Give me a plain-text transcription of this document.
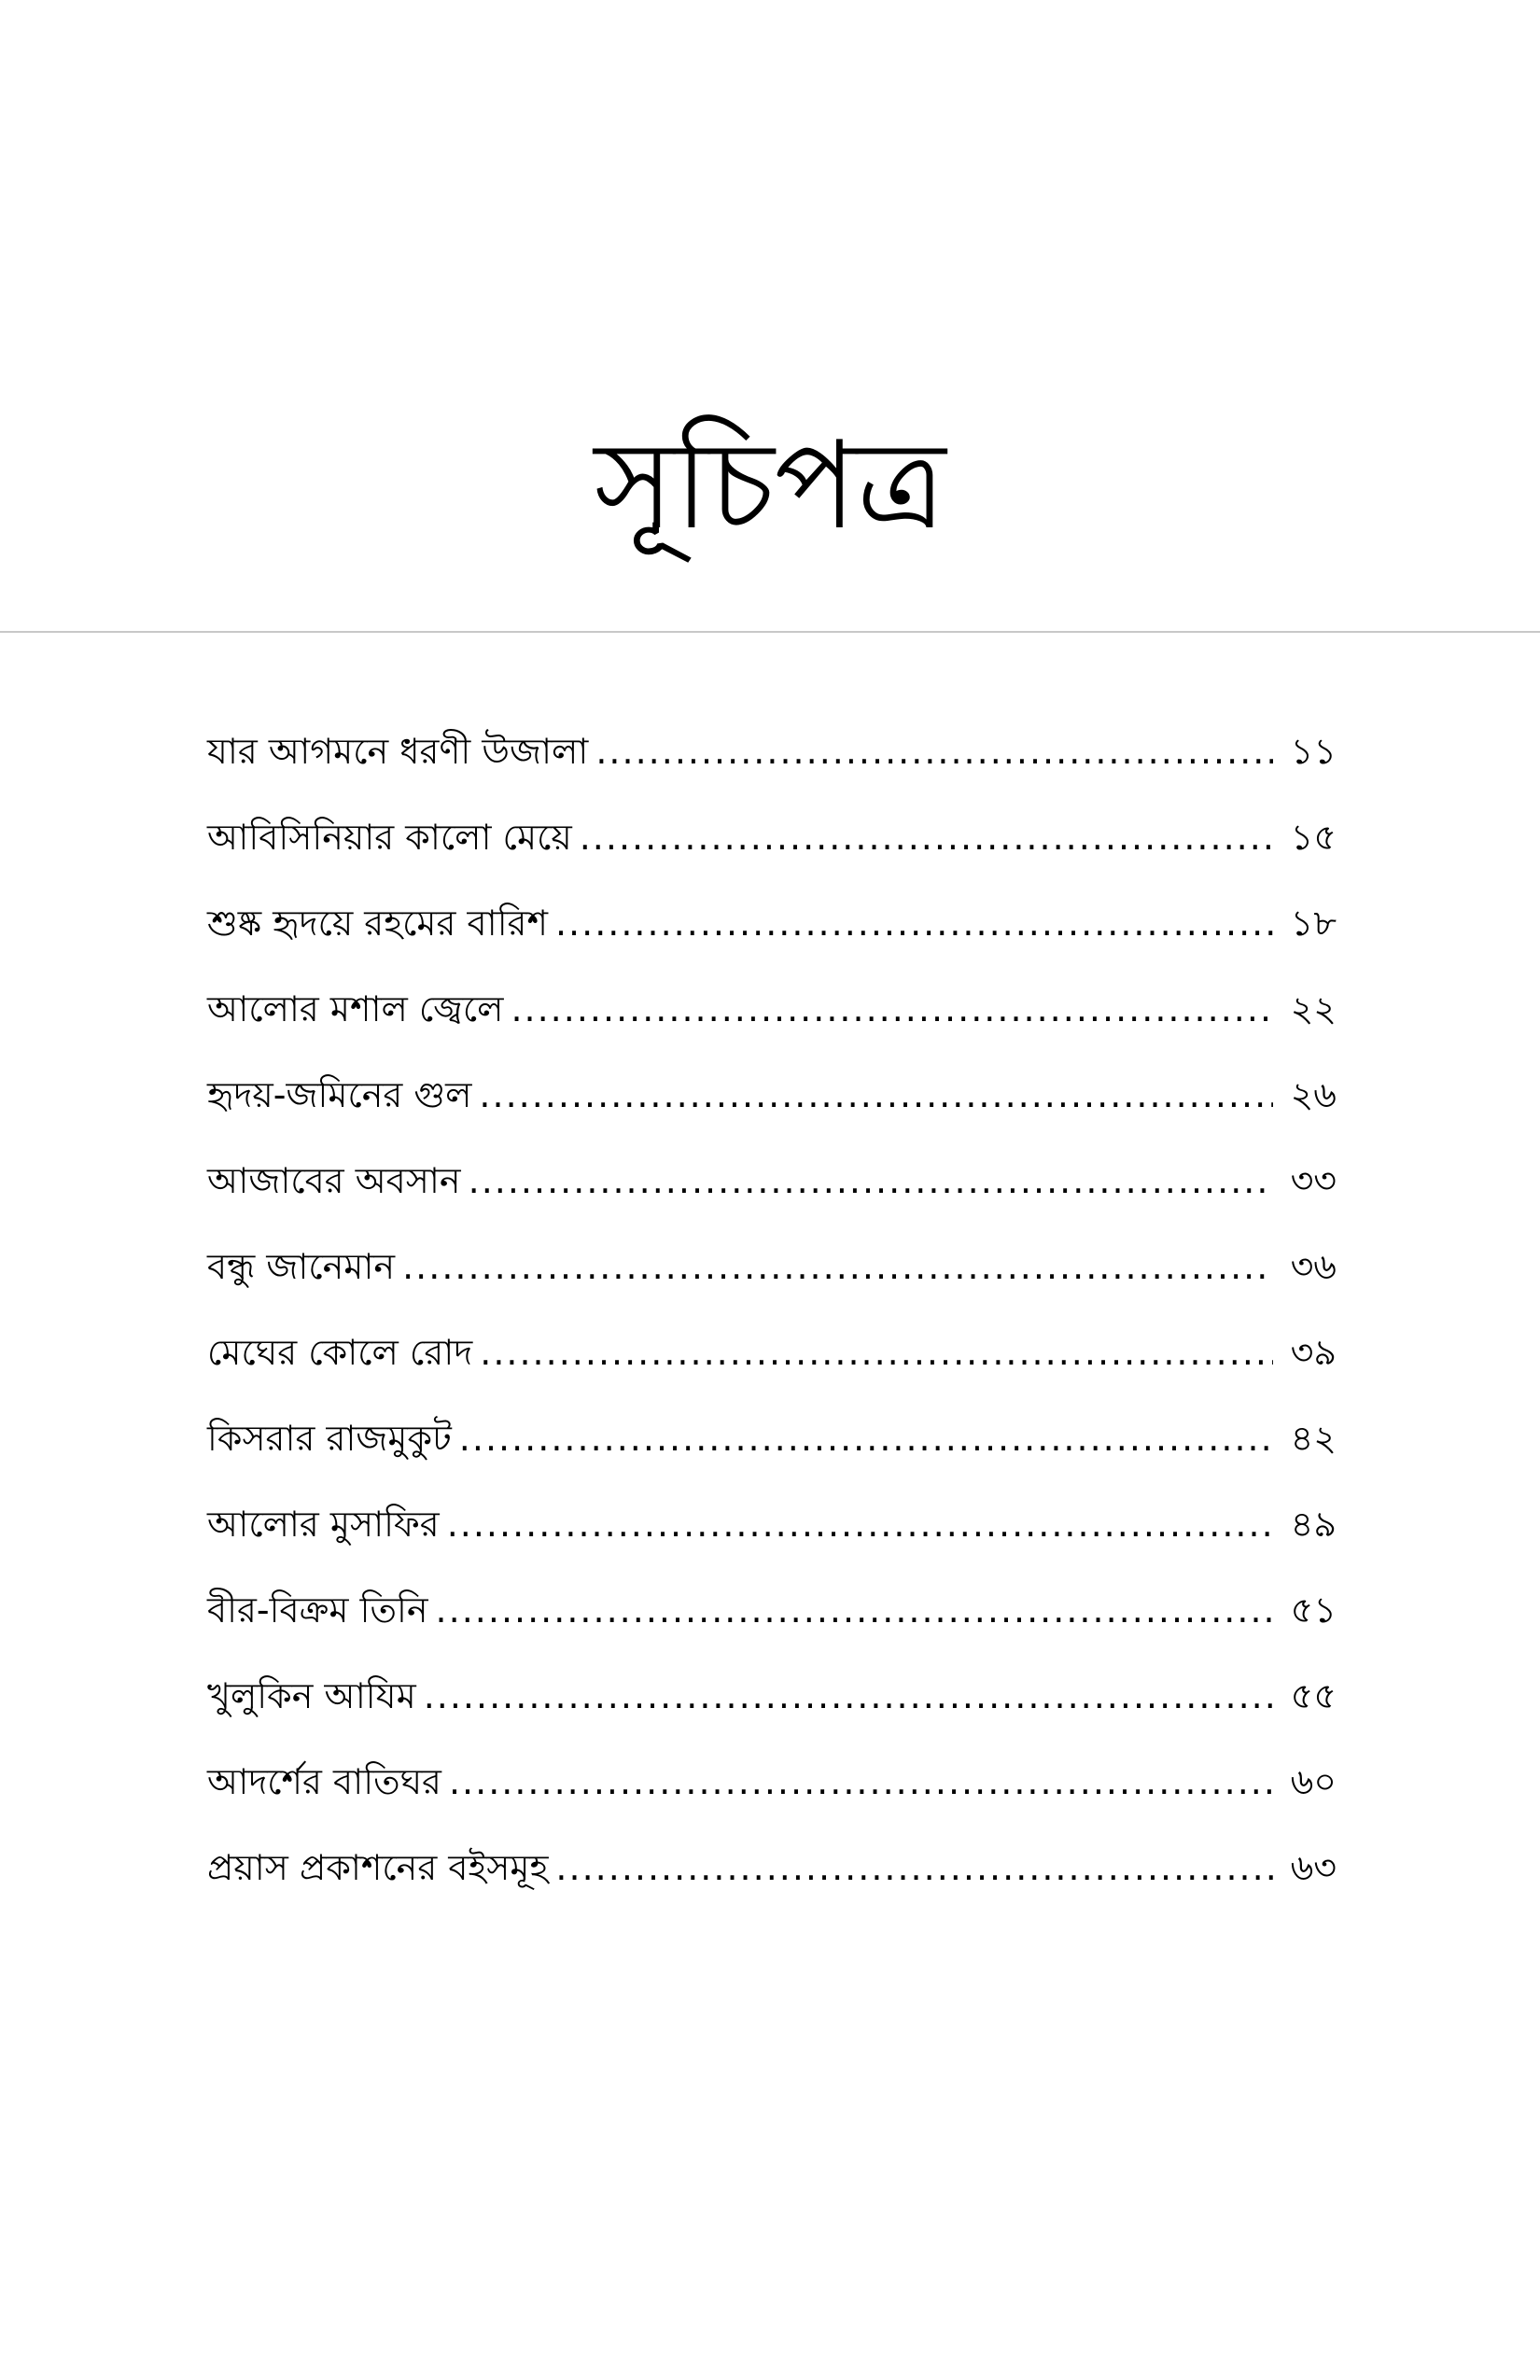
সূচিপত্র
যার আগমনে ধরণী উজালা .....	১১
আবিসিনিয়ার কালো মেয়ে .....	১৫
শুষ্ক হৃদয়ে রহমের বারিশ .....	১৮
আলোর মশাল জ্বেলে .....	২২
হৃদয়-জমিনের গুল .....	২৬
আজাবের অবসান .....	৩৩
বন্ধু জানেমান .....	৩৬
মেঘের কোলে রোদ .....	৩৯
কিসরার রাজমুকুট .....	৪২
আলোর মুসাফির .....	৪৯
বীর-বিক্রম তিনি .....	৫১
খুলুকিন আযিম .....	৫৫
আদর্শের বাতিঘর .....	৬০
প্রয়াস প্রকাশনের বইসমূহ .....	৬৩
